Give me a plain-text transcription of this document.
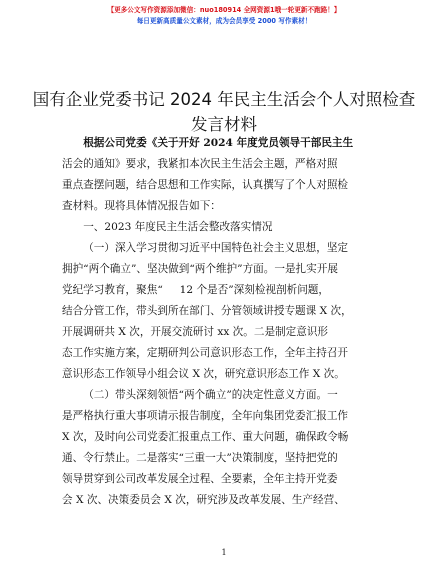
【更多公文写作资源添加微信：nuo180914 全网资源1哦一轮更新不跑路！】
每日更新高质量公文素材，成为会员享受 2000 写作素材！
国有企业党委书记 2024 年民主生活会个人对照检查发言材料

根据公司党委《关于开好 2024 年度党员领导干部民主生

活会的通知》要求，我紧扣本次民主生活会主题，严格对照

重点查摆问题，结合思想和工作实际，认真撰写了个人对照检

查材料。现将具体情况报告如下：

一、2023 年度民主生活会整改落实情况

（一）深入学习贯彻习近平中国特色社会主义思想，坚定

拥护“两个确立”、坚决做到“两个维护”方面。一是扎实开展

党纪学习教育，聚焦“     12 个是否”深刻检视剖析问题，

结合分管工作，带头到所在部门、分管领域讲授专题课 X 次，

开展调研共 X 次，开展交流研讨 xx 次。二是制定意识形

态工作实施方案，定期研判公司意识形态工作，全年主持召开

意识形态工作领导小组会议 X 次，研究意识形态工作 X 次。

（二）带头深刻领悟“两个确立”的决定性意义方面。一

是严格执行重大事项请示报告制度，全年向集团党委汇报工作

X 次，及时向公司党委汇报重点工作、重大问题，确保政令畅

通、令行禁止。二是落实“三重一大”决策制度，坚持把党的

领导贯穿到公司改革发展全过程、全要素，全年主持开党委

会 X 次、决策委员会 X 次，研究涉及改革发展、生产经营、

1
